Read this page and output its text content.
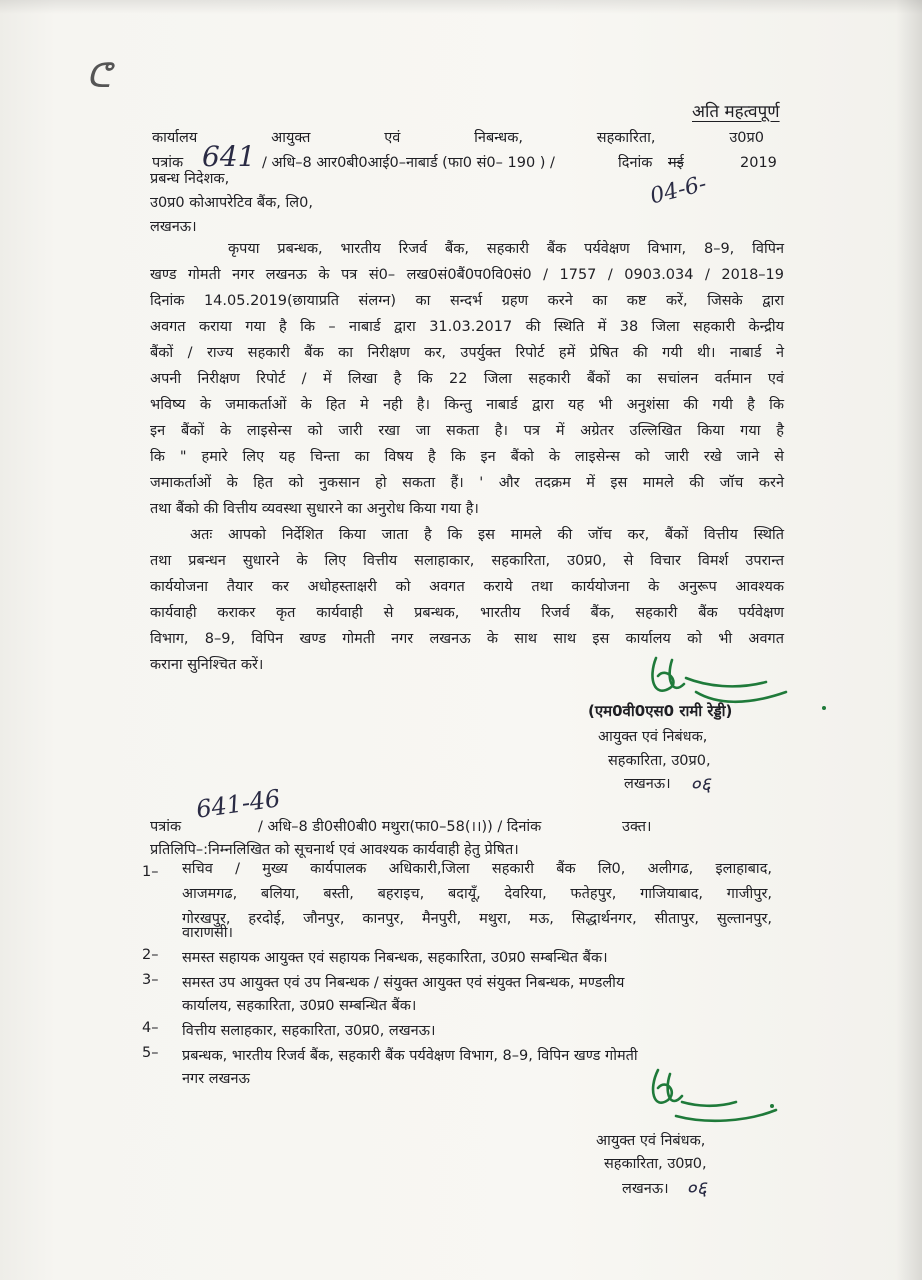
ᕦ
अति महत्वपूर्ण
कार्यालय	आयुक्त	एवं	निबन्धक,	सहकारिता,	उ0प्र0
पत्रांक 641 / अधि–8 आर0बी0आई0–नाबार्ड (फा0 सं0– 190 ) /	दिनांक मई	2019
04-6-
प्रबन्ध निदेशक,
उ0प्र0 कोआपरेटिव बैंक, लि0,
लखनऊ।
कृपया प्रबन्धक, भारतीय रिजर्व बैंक, सहकारी बैंक पर्यवेक्षण विभाग, 8–9, विपिन
खण्ड गोमती नगर लखनऊ के पत्र सं0– लख0सं0बैं0प0वि0सं0 / 1757 / 0903.034 / 2018–19
दिनांक 14.05.2019(छायाप्रति संलग्न) का सन्दर्भ ग्रहण करने का कष्ट करें, जिसके द्वारा
अवगत कराया गया है कि – नाबार्ड द्वारा 31.03.2017 की स्थिति में 38 जिला सहकारी केन्द्रीय
बैंकों / राज्य सहकारी बैंक का निरीक्षण कर, उपर्युक्त रिपोर्ट हमें प्रेषित की गयी थी। नाबार्ड ने
अपनी निरीक्षण रिपोर्ट / में लिखा है कि 22 जिला सहकारी बैंकों का सचांलन वर्तमान एवं
भविष्य के जमाकर्ताओं के हित मे नही है। किन्तु नाबार्ड द्वारा यह भी अनुशंसा की गयी है कि
इन बैंकों के लाइसेन्स को जारी रखा जा सकता है। पत्र में अग्रेतर उल्लिखित किया गया है
कि " हमारे लिए यह चिन्ता का विषय है कि इन बैंको के लाइसेन्स को जारी रखे जाने से
जमाकर्ताओं के हित को नुकसान हो सकता हैं। ' और तदक्रम में इस मामले की जॉच करने
तथा बैंको की वित्तीय व्यवस्था सुधारने का अनुरोध किया गया है।
अतः आपको निर्देशित किया जाता है कि इस मामले की जॉच कर, बैंकों वित्तीय स्थिति
तथा प्रबन्धन सुधारने के लिए वित्तीय सलाहाकार, सहकारिता, उ0प्र0, से विचार विमर्श उपरान्त
कार्ययोजना तैयार कर अधोहस्ताक्षरी को अवगत कराये तथा कार्ययोजना के अनुरूप आवश्यक
कार्यवाही कराकर कृत कार्यवाही से प्रबन्धक, भारतीय रिजर्व बैंक, सहकारी बैंक पर्यवेक्षण
विभाग, 8–9, विपिन खण्ड गोमती नगर लखनऊ के साथ साथ इस कार्यालय को भी अवगत
कराना सुनिश्चित करें।
(एम0वी0एस0 रामी रेड्डी)
आयुक्त एवं निबंधक,
सहकारिता, उ0प्र0,
लखनऊ। ०६
पत्रांक
641-46
/ अधि–8 डी0सी0बी0 मथुरा(फा0–58(।।)) / दिनांक	उक्त।
प्रतिलिपि–:निम्नलिखित को सूचनार्थ एवं आवश्यक कार्यवाही हेतु प्रेषित।
1– सचिव / मुख्य कार्यपालक अधिकारी,जिला सहकारी बैंक लि0, अलीगढ, इलाहाबाद,
आजमगढ, बलिया, बस्ती, बहराइच, बदायूँ, देवरिया, फतेहपुर, गाजियाबाद, गाजीपुर,
गोरखपुर, हरदोई, जौनपुर, कानपुर, मैनपुरी, मथुरा, मऊ, सिद्धार्थनगर, सीतापुर, सुल्तानपुर,
वाराणसी।
2– समस्त सहायक आयुक्त एवं सहायक निबन्धक, सहकारिता, उ0प्र0 सम्बन्धित बैंक।
3– समस्त उप आयुक्त एवं उप निबन्धक / संयुक्त आयुक्त एवं संयुक्त निबन्धक, मण्डलीय
कार्यालय, सहकारिता, उ0प्र0 सम्बन्धित बैंक।
4– वित्तीय सलाहकार, सहकारिता, उ0प्र0, लखनऊ।
5– प्रबन्धक, भारतीय रिजर्व बैंक, सहकारी बैंक पर्यवेक्षण विभाग, 8–9, विपिन खण्ड गोमती
नगर लखनऊ
आयुक्त एवं निबंधक,
सहकारिता, उ0प्र0,
लखनऊ। ०६
